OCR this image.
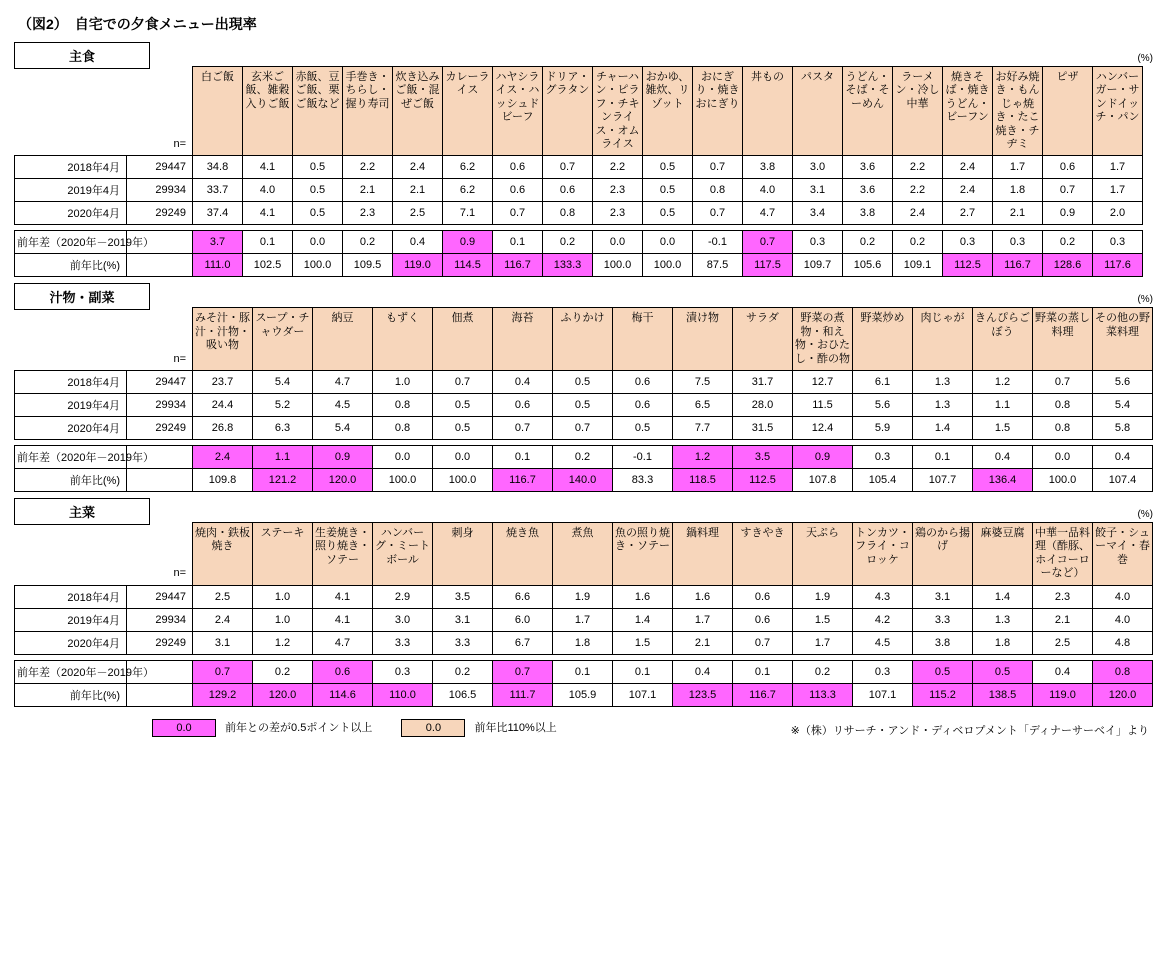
（図2）　自宅での夕食メニュー出現率
主食	(%)
	n=	白ご飯	玄米ご飯、雑穀入りご飯	赤飯、豆ご飯、栗ご飯など	手巻き・ちらし・握り寿司	炊き込みご飯・混ぜご飯	カレーライス	ハヤシライス・ハッシュドビーフ	ドリア・グラタン	チャーハン・ピラフ・チキンライス・オムライス	おかゆ、雑炊、リゾット	おにぎり・焼きおにぎり	丼もの	パスタ	うどん・そば・そーめん	ラーメン・冷し中華	焼きそば・焼きうどん・ビーフン	お好み焼き・もんじゃ焼き・たこ焼き・チヂミ	ピザ	ハンバーガー・サンドイッチ・パン
2018年4月	29447	34.8	4.1	0.5	2.2	2.4	6.2	0.6	0.7	2.2	0.5	0.7	3.8	3.0	3.6	2.2	2.4	1.7	0.6	1.7
2019年4月	29934	33.7	4.0	0.5	2.1	2.1	6.2	0.6	0.6	2.3	0.5	0.8	4.0	3.1	3.6	2.2	2.4	1.8	0.7	1.7
2020年4月	29249	37.4	4.1	0.5	2.3	2.5	7.1	0.7	0.8	2.3	0.5	0.7	4.7	3.4	3.8	2.4	2.7	2.1	0.9	2.0

前年差（2020年－2019年）		3.7	0.1	0.0	0.2	0.4	0.9	0.1	0.2	0.0	0.0	-0.1	0.7	0.3	0.2	0.2	0.3	0.3	0.2	0.3
前年比(%)		111.0	102.5	100.0	109.5	119.0	114.5	116.7	133.3	100.0	100.0	87.5	117.5	109.7	105.6	109.1	112.5	116.7	128.6	117.6
汁物・副菜	(%)
	n=	みそ汁・豚汁・汁物・吸い物	スープ・チャウダー	納豆	もずく	佃煮	海苔	ふりかけ	梅干	漬け物	サラダ	野菜の煮物・和え物・おひたし・酢の物	野菜炒め	肉じゃが	きんぴらごぼう	野菜の蒸し料理	その他の野菜料理
2018年4月	29447	23.7	5.4	4.7	1.0	0.7	0.4	0.5	0.6	7.5	31.7	12.7	6.1	1.3	1.2	0.7	5.6
2019年4月	29934	24.4	5.2	4.5	0.8	0.5	0.6	0.5	0.6	6.5	28.0	11.5	5.6	1.3	1.1	0.8	5.4
2020年4月	29249	26.8	6.3	5.4	0.8	0.5	0.7	0.7	0.5	7.7	31.5	12.4	5.9	1.4	1.5	0.8	5.8

前年差（2020年－2019年）		2.4	1.1	0.9	0.0	0.0	0.1	0.2	-0.1	1.2	3.5	0.9	0.3	0.1	0.4	0.0	0.4
前年比(%)		109.8	121.2	120.0	100.0	100.0	116.7	140.0	83.3	118.5	112.5	107.8	105.4	107.7	136.4	100.0	107.4
主菜	(%)
	n=	焼肉・鉄板焼き	ステーキ	生姜焼き・照り焼き・ソテー	ハンバーグ・ミートボール	刺身	焼き魚	煮魚	魚の照り焼き・ソテー	鍋料理	すきやき	天ぷら	トンカツ・フライ・コロッケ	鶏のから揚げ	麻婆豆腐	中華一品料理（酢豚、ホイコーローなど）	餃子・シューマイ・春巻
2018年4月	29447	2.5	1.0	4.1	2.9	3.5	6.6	1.9	1.6	1.6	0.6	1.9	4.3	3.1	1.4	2.3	4.0
2019年4月	29934	2.4	1.0	4.1	3.0	3.1	6.0	1.7	1.4	1.7	0.6	1.5	4.2	3.3	1.3	2.1	4.0
2020年4月	29249	3.1	1.2	4.7	3.3	3.3	6.7	1.8	1.5	2.1	0.7	1.7	4.5	3.8	1.8	2.5	4.8

前年差（2020年－2019年）		0.7	0.2	0.6	0.3	0.2	0.7	0.1	0.1	0.4	0.1	0.2	0.3	0.5	0.5	0.4	0.8
前年比(%)		129.2	120.0	114.6	110.0	106.5	111.7	105.9	107.1	123.5	116.7	113.3	107.1	115.2	138.5	119.0	120.0
0.0	前年との差が0.5ポイント以上	0.0	前年比110%以上	※（株）リサーチ・アンド・ディベロプメント「ディナーサーベイ」より
